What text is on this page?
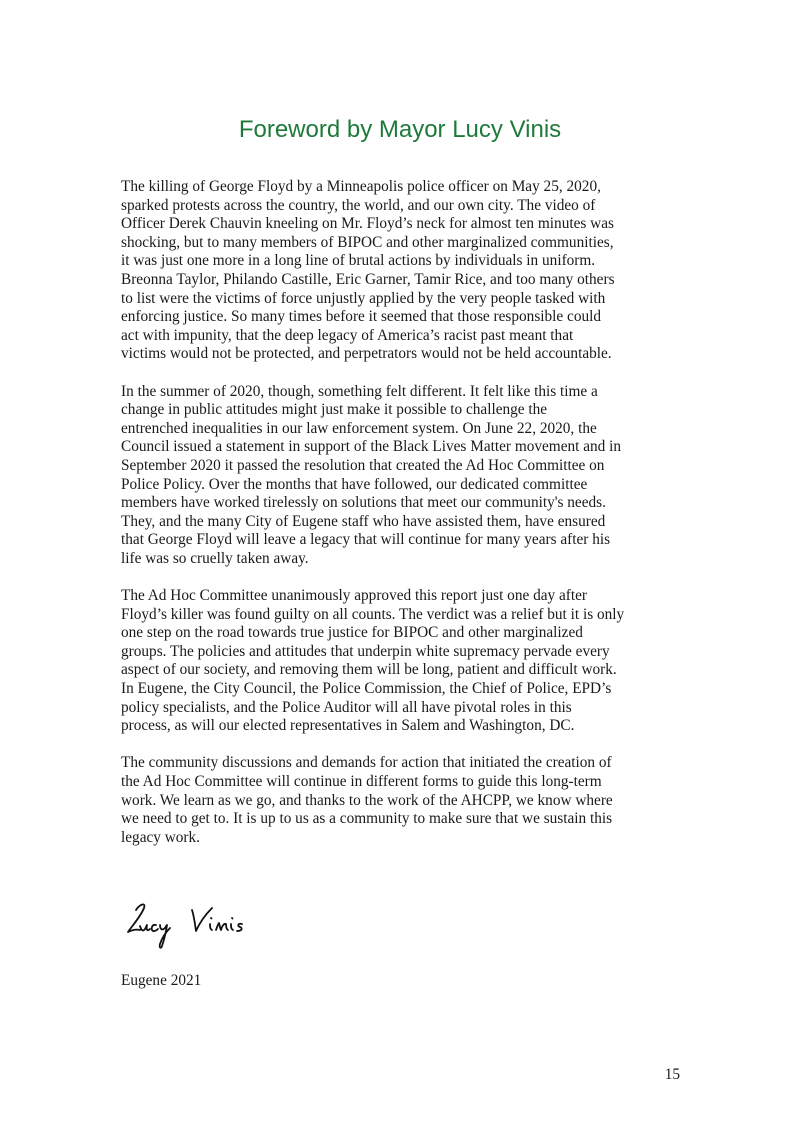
Foreword by Mayor Lucy Vinis

The killing of George Floyd by a Minneapolis police officer on May 25, 2020,
sparked protests across the country, the world, and our own city. The video of
Officer Derek Chauvin kneeling on Mr. Floyd’s neck for almost ten minutes was
shocking, but to many members of BIPOC and other marginalized communities,
it was just one more in a long line of brutal actions by individuals in uniform.
Breonna Taylor, Philando Castille, Eric Garner, Tamir Rice, and too many others
to list were the victims of force unjustly applied by the very people tasked with
enforcing justice. So many times before it seemed that those responsible could
act with impunity, that the deep legacy of America’s racist past meant that
victims would not be protected, and perpetrators would not be held accountable.

In the summer of 2020, though, something felt different. It felt like this time a
change in public attitudes might just make it possible to challenge the
entrenched inequalities in our law enforcement system. On June 22, 2020, the
Council issued a statement in support of the Black Lives Matter movement and in
September 2020 it passed the resolution that created the Ad Hoc Committee on
Police Policy. Over the months that have followed, our dedicated committee
members have worked tirelessly on solutions that meet our community's needs.
They, and the many City of Eugene staff who have assisted them, have ensured
that George Floyd will leave a legacy that will continue for many years after his
life was so cruelly taken away.

The Ad Hoc Committee unanimously approved this report just one day after
Floyd’s killer was found guilty on all counts. The verdict was a relief but it is only
one step on the road towards true justice for BIPOC and other marginalized
groups. The policies and attitudes that underpin white supremacy pervade every
aspect of our society, and removing them will be long, patient and difficult work.
In Eugene, the City Council, the Police Commission, the Chief of Police, EPD’s
policy specialists, and the Police Auditor will all have pivotal roles in this
process, as will our elected representatives in Salem and Washington, DC.

The community discussions and demands for action that initiated the creation of
the Ad Hoc Committee will continue in different forms to guide this long-term
work. We learn as we go, and thanks to the work of the AHCPP, we know where
we need to get to. It is up to us as a community to make sure that we sustain this
legacy work.

Eugene 2021
15
